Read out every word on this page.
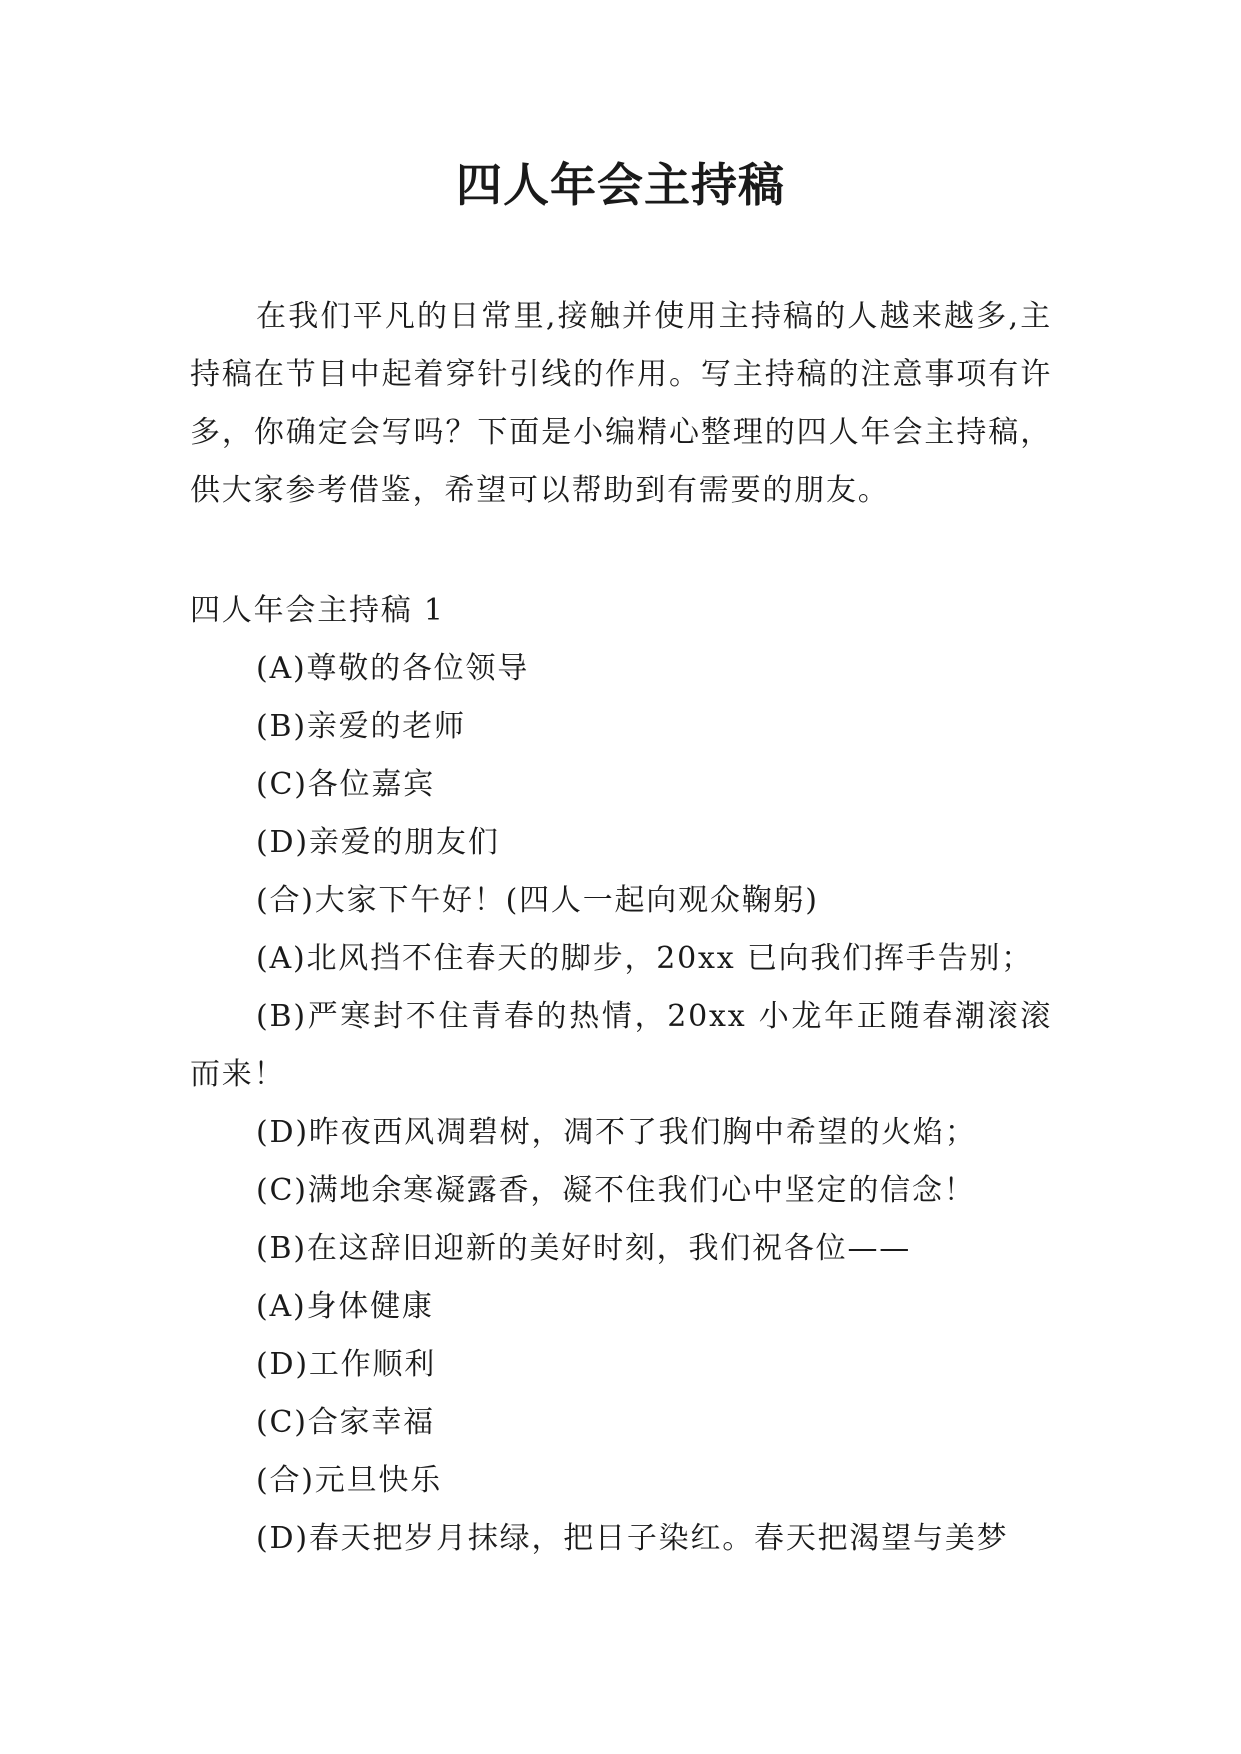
四人年会主持稿

在我们平凡的日常里,接触并使用主持稿的人越来越多,主持稿在节目中起着穿针引线的作用。写主持稿的注意事项有许多，你确定会写吗？下面是小编精心整理的四人年会主持稿，供大家参考借鉴，希望可以帮助到有需要的朋友。

四人年会主持稿 1

(A)尊敬的各位领导

(B)亲爱的老师

(C)各位嘉宾

(D)亲爱的朋友们

(合)大家下午好！(四人一起向观众鞠躬)

(A)北风挡不住春天的脚步，20xx 已向我们挥手告别；

(B)严寒封不住青春的热情，20xx 小龙年正随春潮滚滚而来！

(D)昨夜西风凋碧树，凋不了我们胸中希望的火焰；

(C)满地余寒凝露香，凝不住我们心中坚定的信念！

(B)在这辞旧迎新的美好时刻，我们祝各位——

(A)身体健康

(D)工作顺利

(C)合家幸福

(合)元旦快乐

(D)春天把岁月抹绿，把日子染红。春天把渴望与美梦
